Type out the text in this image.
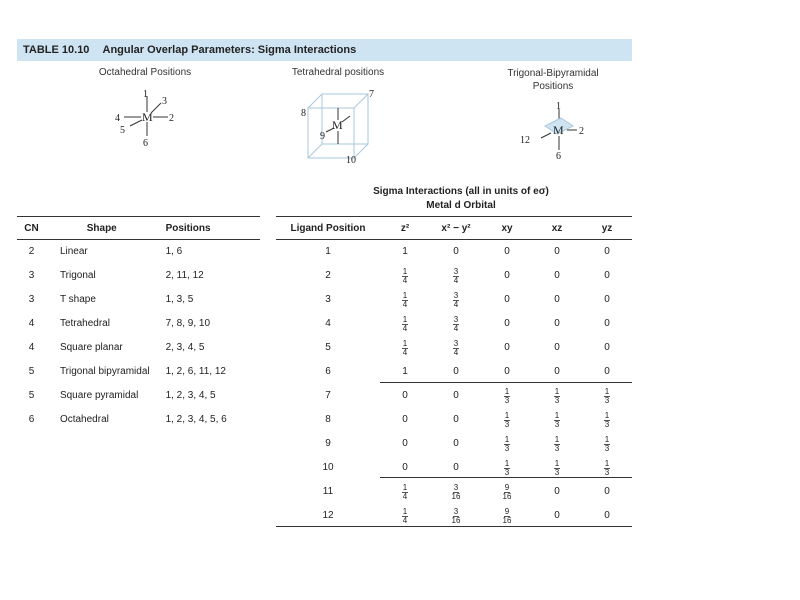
TABLE 10.10 Angular Overlap Parameters: Sigma Interactions
Octahedral Positions	Tetrahedral positions	Trigonal-Bipyramidal
Positions
M
1
3
2
4
5
6
M
7
8
9
10
M
1
2
6
12
Sigma Interactions (all in units of eσ)
Metal d Orbital
CN	Shape	Positions
2	Linear	1, 6
3	Trigonal	2, 11, 12
3	T shape	1, 3, 5
4	Tetrahedral	7, 8, 9, 10
4	Square planar	2, 3, 4, 5
5	Trigonal bipyramidal	1, 2, 6, 11, 12
5	Square pyramidal	1, 2, 3, 4, 5
6	Octahedral	1, 2, 3, 4, 5, 6
Ligand Position	z²	x² − y²	xy	xz	yz
1	1	0	0	0	0
2	$\frac{1}{4}$	$\frac{3}{4}$	0	0	0
3	$\frac{1}{4}$	$\frac{3}{4}$	0	0	0
4	$\frac{1}{4}$	$\frac{3}{4}$	0	0	0
5	$\frac{1}{4}$	$\frac{3}{4}$	0	0	0
6	1	0	0	0	0
7	0	0	$\frac{1}{3}$	$\frac{1}{3}$	$\frac{1}{3}$

8	0	0	$\frac{1}{3}$	$\frac{1}{3}$	$\frac{1}{3}$

9	0	0	$\frac{1}{3}$	$\frac{1}{3}$	$\frac{1}{3}$

10	0	0	$\frac{1}{3}$	$\frac{1}{3}$	$\frac{1}{3}$

11	$\frac{1}{4}$	$\frac{3}{16}$	$\frac{9}{16}$	0	0
12	$\frac{1}{4}$	$\frac{3}{16}$	$\frac{9}{16}$	0	0
